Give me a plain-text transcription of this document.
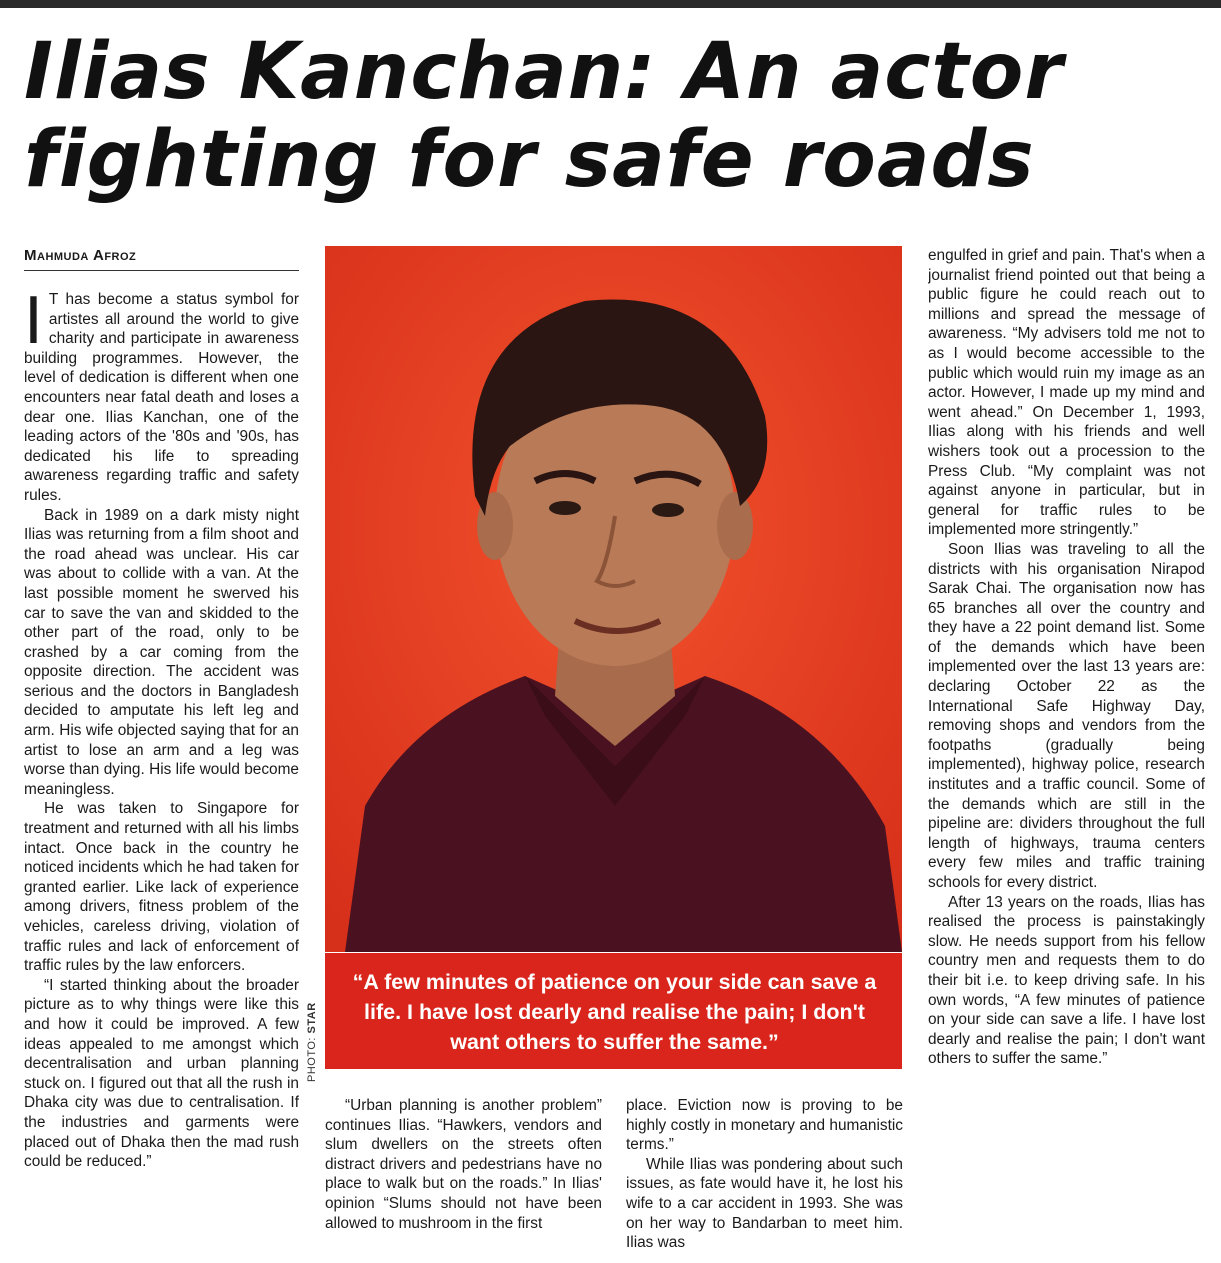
Ilias Kanchan: An actor fighting for safe roads
Mahmuda Afroz

I T has become a status symbol for artistes all around the world to give charity and participate in awareness building programmes. However, the level of dedication is different when one encounters near fatal death and loses a dear one. Ilias Kanchan, one of the leading actors of the '80s and '90s, has dedicated his life to spreading awareness regarding traffic and safety rules.

Back in 1989 on a dark misty night Ilias was returning from a film shoot and the road ahead was unclear. His car was about to collide with a van. At the last possible moment he swerved his car to save the van and skidded to the other part of the road, only to be crashed by a car coming from the opposite direction. The accident was serious and the doctors in Bangladesh decided to amputate his left leg and arm. His wife objected saying that for an artist to lose an arm and a leg was worse than dying. His life would become meaningless.

He was taken to Singapore for treatment and returned with all his limbs intact. Once back in the country he noticed incidents which he had taken for granted earlier. Like lack of experience among drivers, fitness problem of the vehicles, careless driving, violation of traffic rules and lack of enforcement of traffic rules by the law enforcers.

“I started thinking about the broader picture as to why things were like this and how it could be improved. A few ideas appealed to me amongst which decentralisation and urban planning stuck on. I figured out that all the rush in Dhaka city was due to centralisation. If the industries and garments were placed out of Dhaka then the mad rush could be reduced.”

PHOTO: STAR
“A few minutes of patience on your side can save a life. I have lost dearly and realise the pain; I don't want others to suffer the same.”

“Urban planning is another problem” continues Ilias. “Hawkers, vendors and slum dwellers on the streets often distract drivers and pedestrians have no place to walk but on the roads.” In Ilias' opinion “Slums should not have been allowed to mushroom in the first

place. Eviction now is proving to be highly costly in monetary and humanistic terms.”

While Ilias was pondering about such issues, as fate would have it, he lost his wife to a car accident in 1993. She was on her way to Bandarban to meet him. Ilias was

engulfed in grief and pain. That's when a journalist friend pointed out that being a public figure he could reach out to millions and spread the message of awareness. “My advisers told me not to as I would become accessible to the public which would ruin my image as an actor. However, I made up my mind and went ahead.” On December 1, 1993, Ilias along with his friends and well wishers took out a procession to the Press Club. “My complaint was not against anyone in particular, but in general for traffic rules to be implemented more stringently.”

Soon Ilias was traveling to all the districts with his organisation Nirapod Sarak Chai. The organisation now has 65 branches all over the country and they have a 22 point demand list. Some of the demands which have been implemented over the last 13 years are: declaring October 22 as the International Safe Highway Day, removing shops and vendors from the footpaths (gradually being implemented), highway police, research institutes and a traffic council. Some of the demands which are still in the pipeline are: dividers throughout the full length of highways, trauma centers every few miles and traffic training schools for every district.

After 13 years on the roads, Ilias has realised the process is painstakingly slow. He needs support from his fellow country men and requests them to do their bit i.e. to keep driving safe. In his own words, “A few minutes of patience on your side can save a life. I have lost dearly and realise the pain; I don't want others to suffer the same.”
